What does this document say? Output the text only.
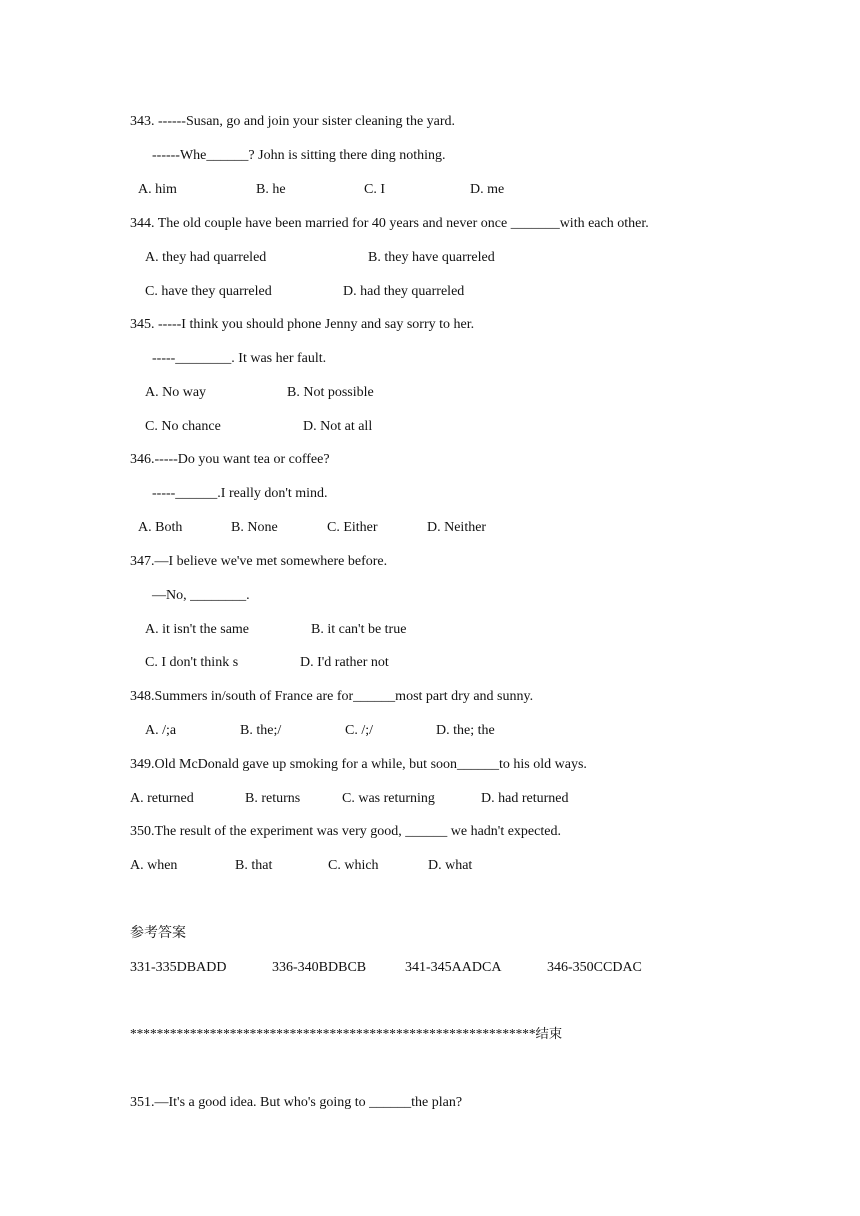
343. ------Susan, go and join your sister cleaning the yard.
------Whe______? John is sitting there ding nothing.
A. him	B. he	C. I	D. me
344. The old couple have been married for 40 years and never once _______with each other.
A. they had quarreled	B. they have quarreled
C. have they quarreled	D. had they quarreled
345. -----I think you should phone Jenny and say sorry to her.
-----________. It was her fault.
A. No way	B. Not possible
C. No chance	D. Not at all
346.-----Do you want tea or coffee?
-----______.I really don't mind.
A. Both	B. None	C. Either	D. Neither
347.—I believe we've met somewhere before.
—No, ________.
A. it isn't the same	B. it can't be true
C. I don't think s	D. I'd rather not
348.Summers in/south of France are for______most part dry and sunny.
A. /;a	B. the;/	C. /;/	D. the; the
349.Old McDonald gave up smoking for a while, but soon______to his old ways.
A. returned	B. returns	C. was returning	D. had returned
350.The result of the experiment was very good, ______ we hadn't expected.
A. when	B. that	C. which	D. what
参考答案
331-335DBADD	336-340BDBCB	341-345AADCA	346-350CCDAC
*************************************************************结束
351.—It's a good idea. But who's going to ______the plan?
